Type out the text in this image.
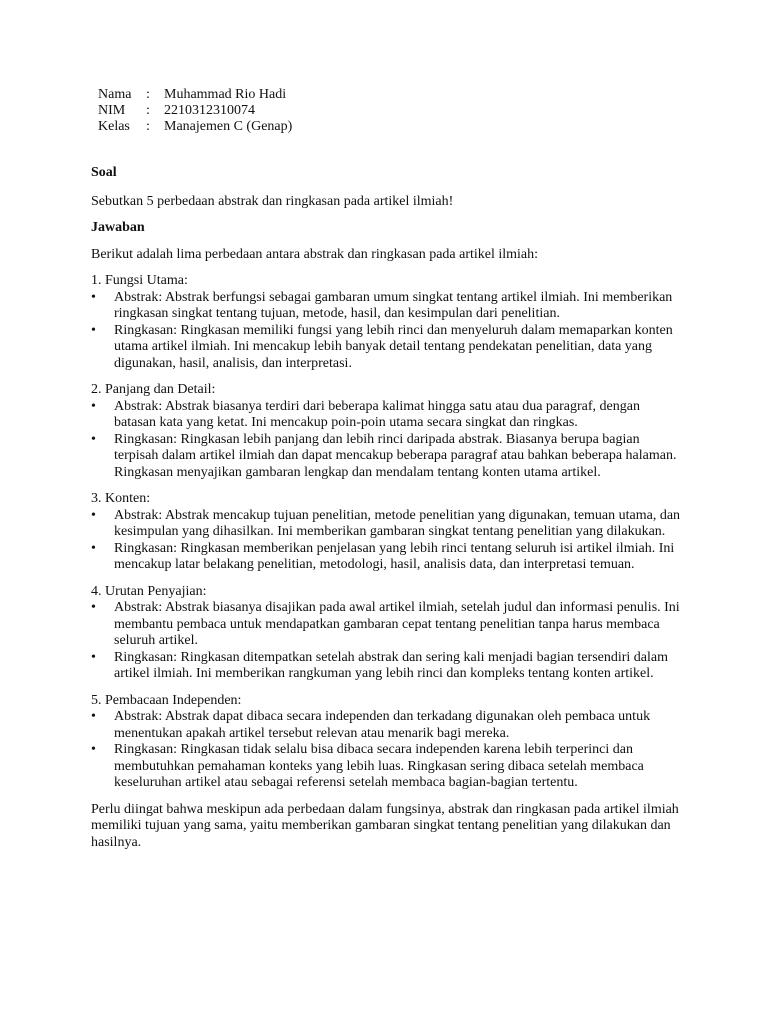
Nama	:	Muhammad Rio Hadi
NIM	:	2210312310074
Kelas	:	Manajemen C (Genap)

Soal

Sebutkan 5 perbedaan abstrak dan ringkasan pada artikel ilmiah!

Jawaban

Berikut adalah lima perbedaan antara abstrak dan ringkasan pada artikel ilmiah:

1. Fungsi Utama:

• Abstrak: Abstrak berfungsi sebagai gambaran umum singkat tentang artikel ilmiah. Ini memberikan ringkasan singkat tentang tujuan, metode, hasil, dan kesimpulan dari penelitian.
• Ringkasan: Ringkasan memiliki fungsi yang lebih rinci dan menyeluruh dalam memaparkan konten utama artikel ilmiah. Ini mencakup lebih banyak detail tentang pendekatan penelitian, data yang digunakan, hasil, analisis, dan interpretasi.

2. Panjang dan Detail:

• Abstrak: Abstrak biasanya terdiri dari beberapa kalimat hingga satu atau dua paragraf, dengan batasan kata yang ketat. Ini mencakup poin-poin utama secara singkat dan ringkas.
• Ringkasan: Ringkasan lebih panjang dan lebih rinci daripada abstrak. Biasanya berupa bagian terpisah dalam artikel ilmiah dan dapat mencakup beberapa paragraf atau bahkan beberapa halaman. Ringkasan menyajikan gambaran lengkap dan mendalam tentang konten utama artikel.

3. Konten:

• Abstrak: Abstrak mencakup tujuan penelitian, metode penelitian yang digunakan, temuan utama, dan kesimpulan yang dihasilkan. Ini memberikan gambaran singkat tentang penelitian yang dilakukan.
• Ringkasan: Ringkasan memberikan penjelasan yang lebih rinci tentang seluruh isi artikel ilmiah. Ini mencakup latar belakang penelitian, metodologi, hasil, analisis data, dan interpretasi temuan.

4. Urutan Penyajian:

• Abstrak: Abstrak biasanya disajikan pada awal artikel ilmiah, setelah judul dan informasi penulis. Ini membantu pembaca untuk mendapatkan gambaran cepat tentang penelitian tanpa harus membaca seluruh artikel.
• Ringkasan: Ringkasan ditempatkan setelah abstrak dan sering kali menjadi bagian tersendiri dalam artikel ilmiah. Ini memberikan rangkuman yang lebih rinci dan kompleks tentang konten artikel.

5. Pembacaan Independen:

• Abstrak: Abstrak dapat dibaca secara independen dan terkadang digunakan oleh pembaca untuk menentukan apakah artikel tersebut relevan atau menarik bagi mereka.
• Ringkasan: Ringkasan tidak selalu bisa dibaca secara independen karena lebih terperinci dan membutuhkan pemahaman konteks yang lebih luas. Ringkasan sering dibaca setelah membaca keseluruhan artikel atau sebagai referensi setelah membaca bagian-bagian tertentu.

Perlu diingat bahwa meskipun ada perbedaan dalam fungsinya, abstrak dan ringkasan pada artikel ilmiah memiliki tujuan yang sama, yaitu memberikan gambaran singkat tentang penelitian yang dilakukan dan hasilnya.
